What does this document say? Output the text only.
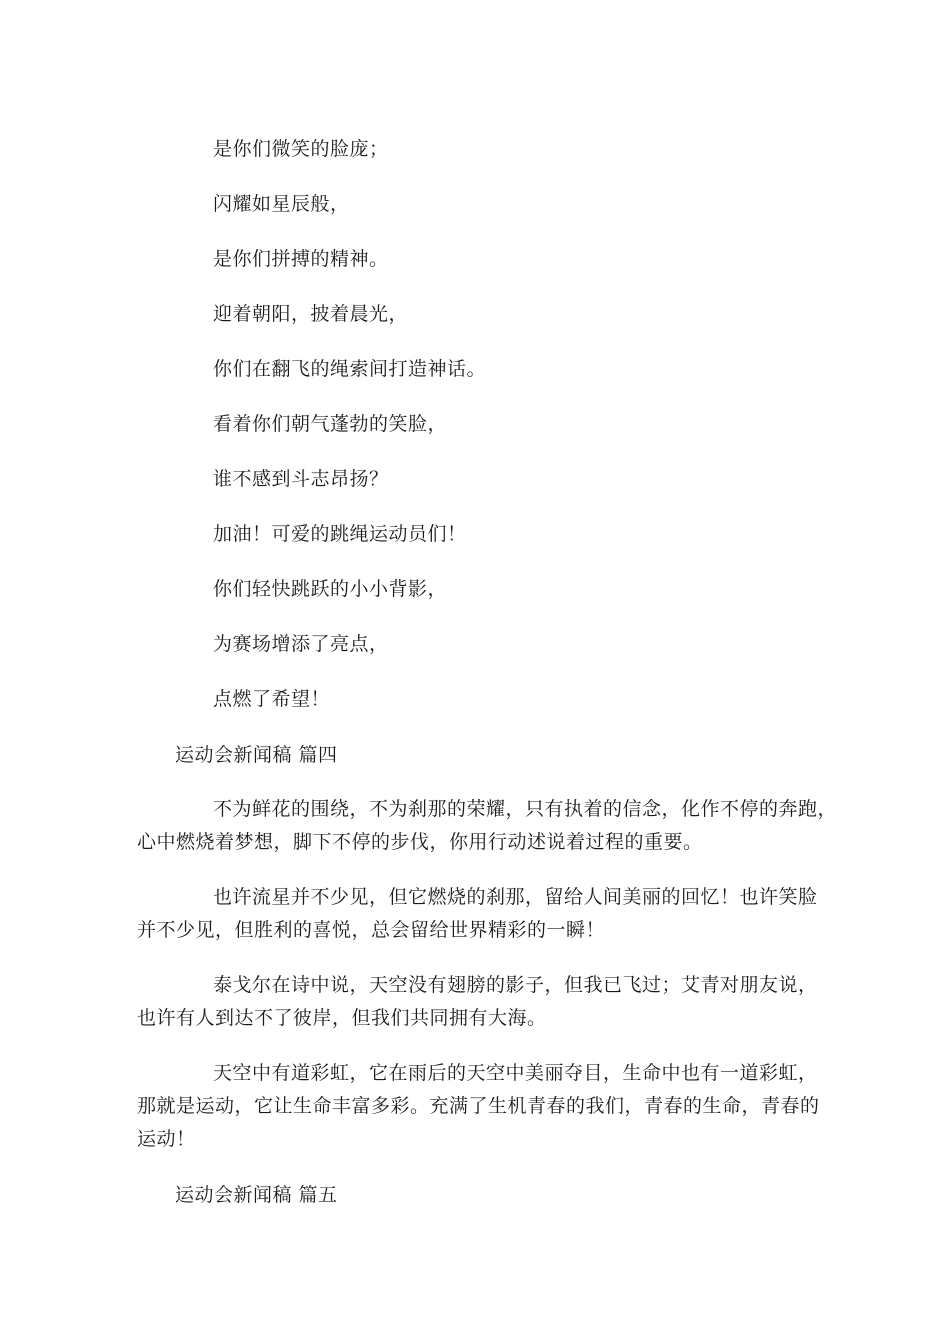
是你们微笑的脸庞；
闪耀如星辰般，
是你们拼搏的精神。
迎着朝阳，披着晨光，
你们在翻飞的绳索间打造神话。
看着你们朝气蓬勃的笑脸，
谁不感到斗志昂扬？
加油！可爱的跳绳运动员们！
你们轻快跳跃的小小背影，
为赛场增添了亮点，
点燃了希望！
运动会新闻稿 篇四
不为鲜花的围绕，不为刹那的荣耀，只有执着的信念，化作不停的奔跑，
心中燃烧着梦想，脚下不停的步伐，你用行动述说着过程的重要。
也许流星并不少见，但它燃烧的刹那，留给人间美丽的回忆！也许笑脸
并不少见，但胜利的喜悦，总会留给世界精彩的一瞬！
泰戈尔在诗中说，天空没有翅膀的影子，但我已飞过；艾青对朋友说，
也许有人到达不了彼岸，但我们共同拥有大海。
天空中有道彩虹，它在雨后的天空中美丽夺目，生命中也有一道彩虹，
那就是运动，它让生命丰富多彩。充满了生机青春的我们，青春的生命，青春的
运动！
运动会新闻稿 篇五
